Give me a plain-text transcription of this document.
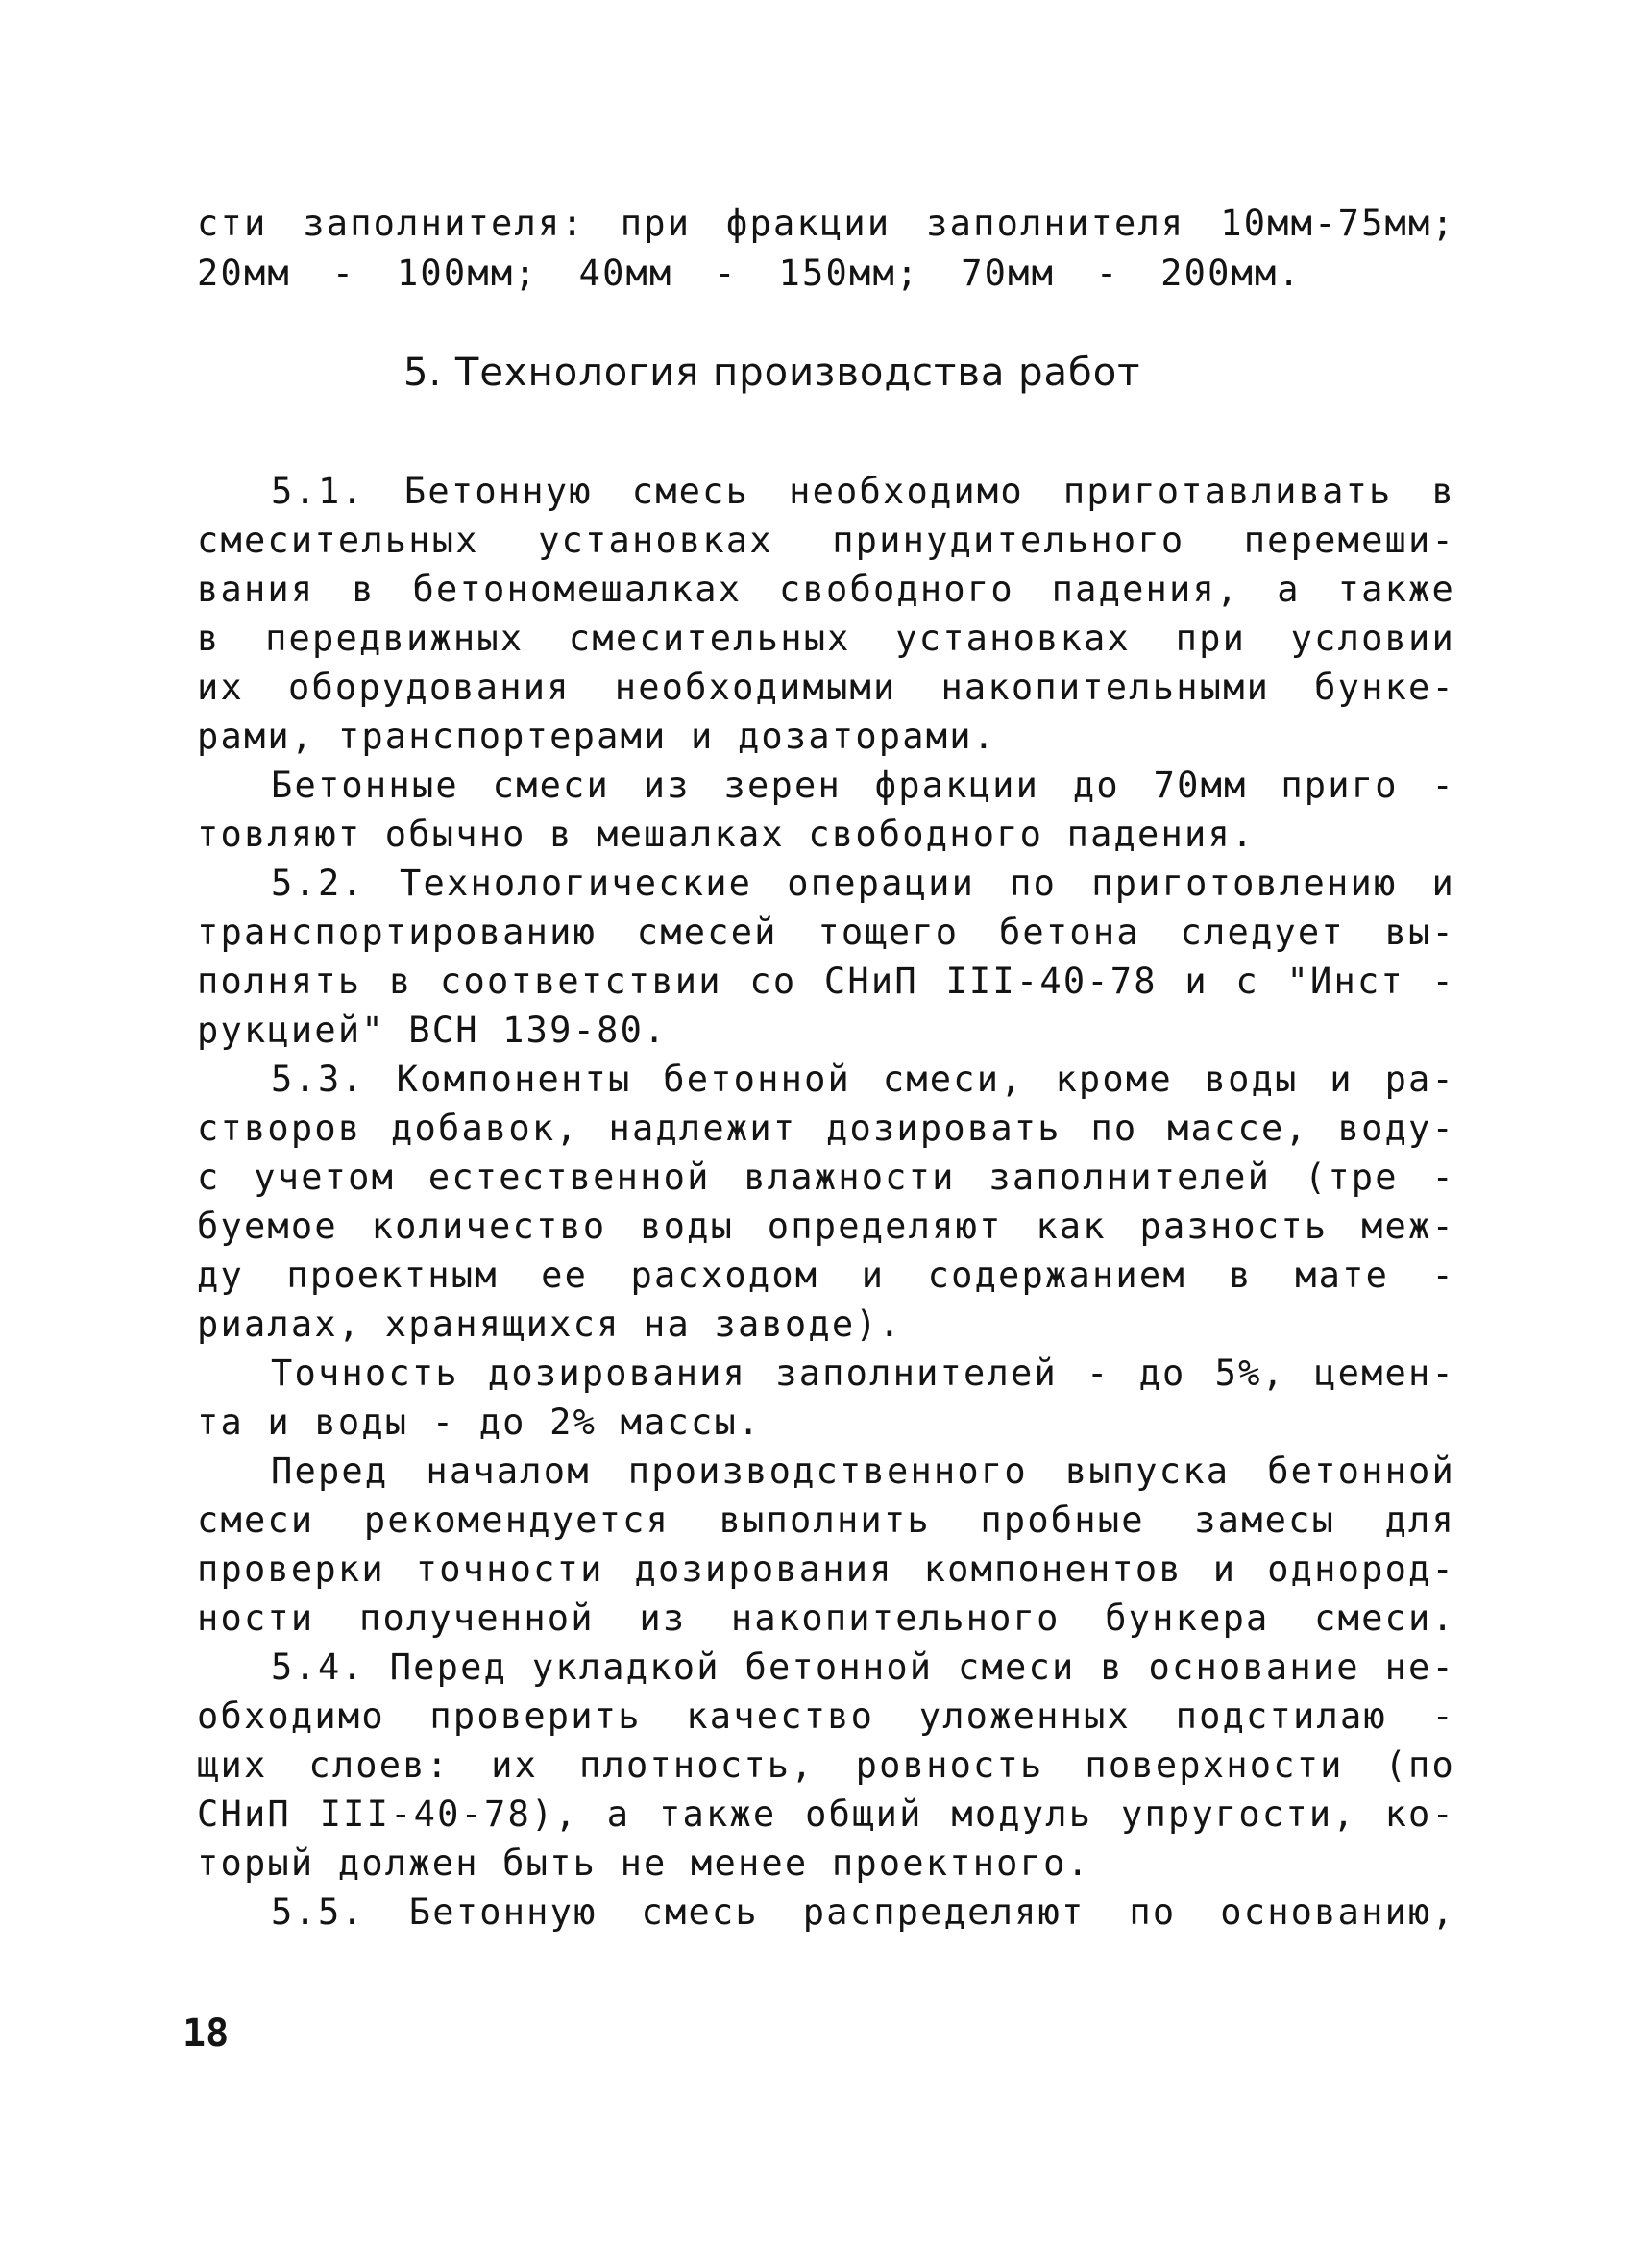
сти заполнителя: при фракции заполнителя 10мм-75мм;
20мм - 100мм; 40мм - 150мм; 70мм - 200мм.
5. Технология производства работ
5.1. Бетонную смесь необходимо приготавливать в
смесительных установках принудительного перемеши-
вания в бетономешалках свободного падения, а также
в передвижных смесительных установках при условии
их оборудования необходимыми накопительными бунке-
рами, транспортерами и дозаторами.
Бетонные смеси из зерен фракции до 70мм приго -
товляют обычно в мешалках свободного падения.
5.2. Технологические операции по приготовлению и
транспортированию смесей тощего бетона следует вы-
полнять в соответствии со СНиП III-40-78 и с "Инст -
рукцией" ВСН 139-80.
5.3. Компоненты бетонной смеси, кроме воды и ра-
створов добавок, надлежит дозировать по массе, воду-
с учетом естественной влажности заполнителей (тре -
буемое количество воды определяют как разность меж-
ду проектным ее расходом и содержанием в мате -
риалах, хранящихся на заводе).
Точность дозирования заполнителей - до 5%, цемен-
та и воды - до 2% массы.
Перед началом производственного выпуска бетонной
смеси рекомендуется выполнить пробные замесы для
проверки точности дозирования компонентов и однород-
ности полученной из накопительного бункера смеси.
5.4. Перед укладкой бетонной смеси в основание не-
обходимо проверить качество уложенных подстилаю -
щих слоев: их плотность, ровность поверхности (по
СНиП III-40-78), а также общий модуль упругости, ко-
торый должен быть не менее проектного.
5.5. Бетонную смесь распределяют по основанию,
18
